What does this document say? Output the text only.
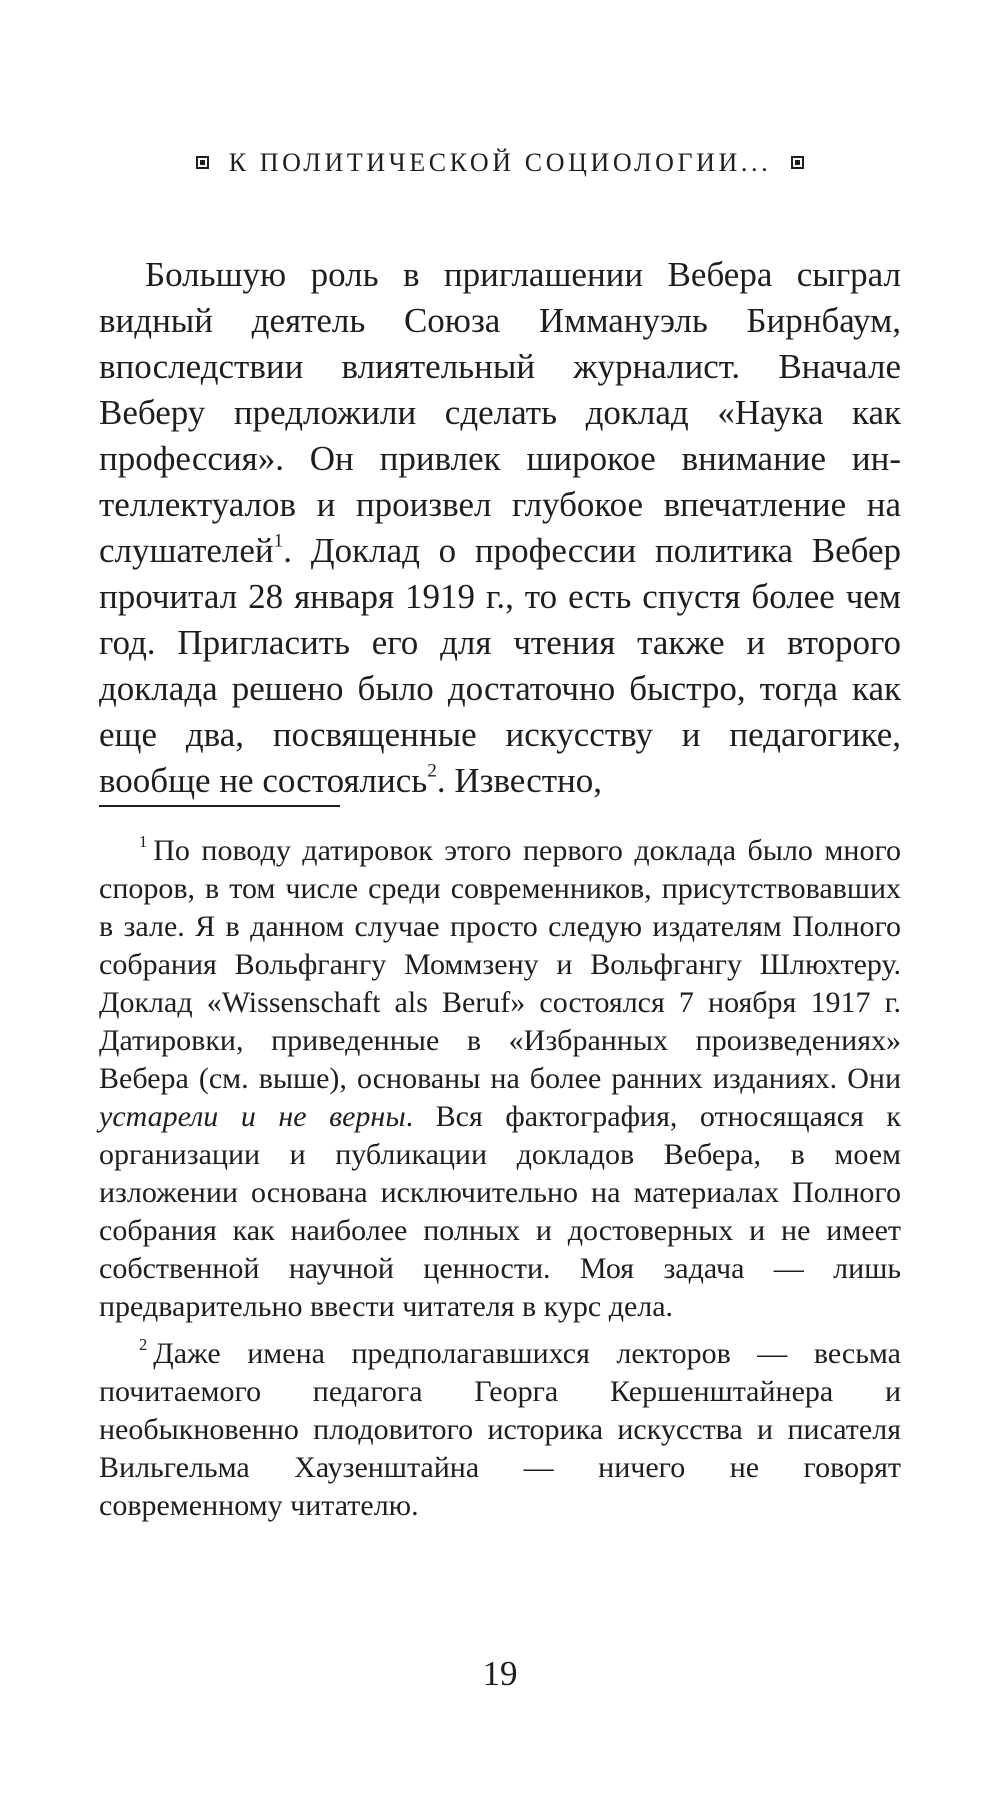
К ПОЛИТИЧЕСКОЙ СОЦИОЛОГИИ...

Большую роль в приглашении Вебера сыграл видный деятель Союза Иммануэль Бирнбаум, впоследствии влиятельный журналист. Вначале Веберу предложили сделать доклад «Наука как профессия». Он привлек широкое внимание интеллектуалов и произвел глубокое впечатление на слушателей$^1$. Доклад о профессии политика Вебер прочитал 28 января 1919 г., то есть спустя более чем год. Пригласить его для чтения также и второго доклада решено было достаточно быстро, тогда как еще два, посвященные искусству и педагогике, вообще не состоялись$^2$. Известно,

$^1$ По поводу датировок этого первого доклада было много споров, в том числе среди современников, присутствовавших в зале. Я в данном случае просто следую издателям Полного собрания Вольфгангу Моммзену и Вольфгангу Шлюхтеру. Доклад «Wissenschaft als Beruf» состоялся 7 ноября 1917 г. Датировки, приведенные в «Избранных произведениях» Вебера (см. выше), основаны на более ранних изданиях. Они устарели и не верны. Вся фактография, относящаяся к организации и публикации докладов Вебера, в моем изложении основана исключительно на материалах Полного собрания как наиболее полных и достоверных и не имеет собственной научной ценности. Моя задача — лишь предварительно ввести читателя в курс дела.

$^2$ Даже имена предполагавшихся лекторов — весьма почитаемого педагога Георга Кершенштайнера и необыкновенно плодовитого историка искусства и писателя Вильгельма Хаузенштайна — ничего не говорят современному читателю.

19
